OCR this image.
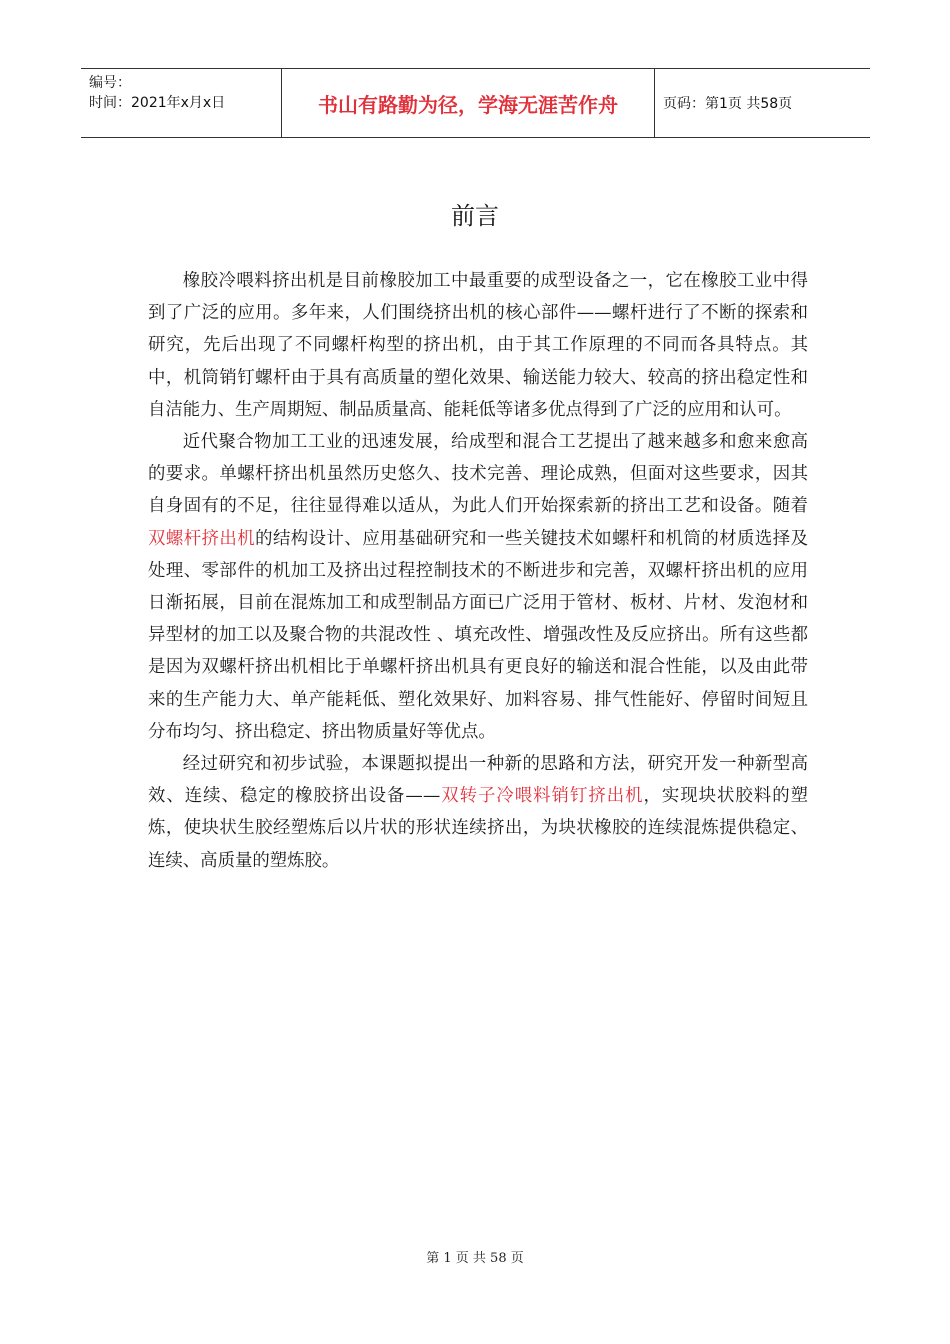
编号：
时间：2021年x月x日	书山有路勤为径，学海无涯苦作舟	页码：第1页 共58页
前言

橡胶冷喂料挤出机是目前橡胶加工中最重要的成型设备之一，它在橡胶工业中得到了广泛的应用。多年来，人们围绕挤出机的核心部件——螺杆进行了不断的探索和研究，先后出现了不同螺杆构型的挤出机，由于其工作原理的不同而各具特点。其中，机筒销钉螺杆由于具有高质量的塑化效果、输送能力较大、较高的挤出稳定性和自洁能力、生产周期短、制品质量高、能耗低等诸多优点得到了广泛的应用和认可。

近代聚合物加工工业的迅速发展，给成型和混合工艺提出了越来越多和愈来愈高的要求。单螺杆挤出机虽然历史悠久、技术完善、理论成熟，但面对这些要求，因其自身固有的不足，往往显得难以适从，为此人们开始探索新的挤出工艺和设备。随着双螺杆挤出机的结构设计、应用基础研究和一些关键技术如螺杆和机筒的材质选择及处理、零部件的机加工及挤出过程控制技术的不断进步和完善，双螺杆挤出机的应用日渐拓展，目前在混炼加工和成型制品方面已广泛用于管材、板材、片材、发泡材和异型材的加工以及聚合物的共混改性 、填充改性、增强改性及反应挤出。所有这些都是因为双螺杆挤出机相比于单螺杆挤出机具有更良好的输送和混合性能，以及由此带来的生产能力大、单产能耗低、塑化效果好、加料容易、排气性能好、停留时间短且分布均匀、挤出稳定、挤出物质量好等优点。

经过研究和初步试验，本课题拟提出一种新的思路和方法，研究开发一种新型高效、连续、稳定的橡胶挤出设备——双转子冷喂料销钉挤出机，实现块状胶料的塑炼，使块状生胶经塑炼后以片状的形状连续挤出，为块状橡胶的连续混炼提供稳定、连续、高质量的塑炼胶。

第 1 页 共 58 页
